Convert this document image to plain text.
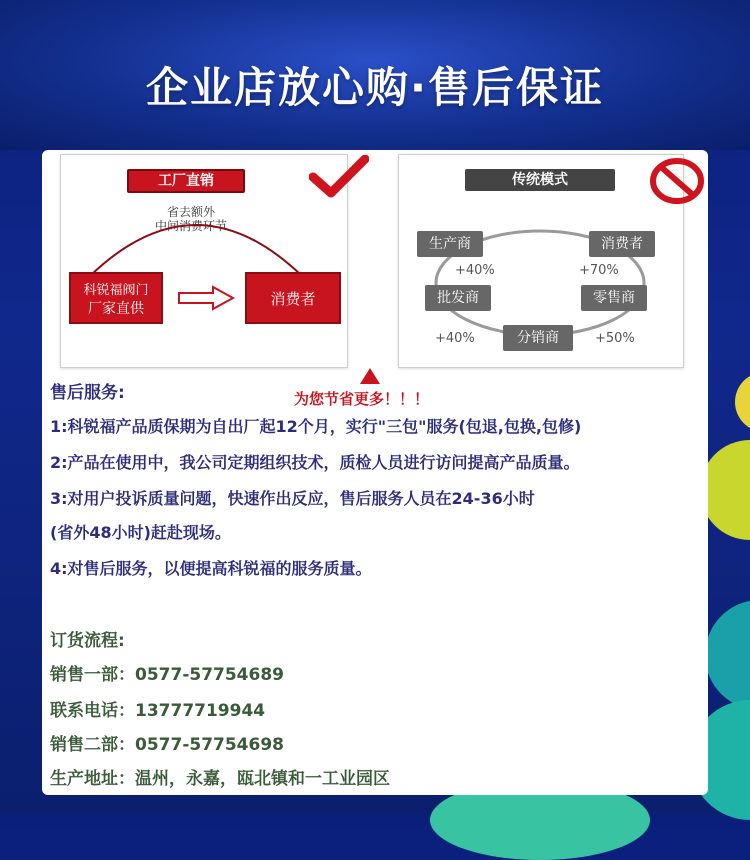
企业店放心购·售后保证
工厂直销
省去额外
中间消费环节
科锐福阀门
厂家直供
消费者
传统模式
生产商	消费者
批发商	零售商
分销商
+40%	+70%
+40%	+50%
为您节省更多！！！
售后服务:
1:科锐福产品质保期为自出厂起12个月，实行"三包"服务(包退,包换,包修)
2:产品在使用中，我公司定期组织技术，质检人员进行访问提高产品质量。
3:对用户投诉质量问题，快速作出反应，售后服务人员在24-36小时
(省外48小时)赶赴现场。
4:对售后服务，以便提高科锐福的服务质量。
订货流程:
销售一部：0577-57754689
联系电话：13777719944
销售二部：0577-57754698
生产地址：温州，永嘉，瓯北镇和一工业园区
